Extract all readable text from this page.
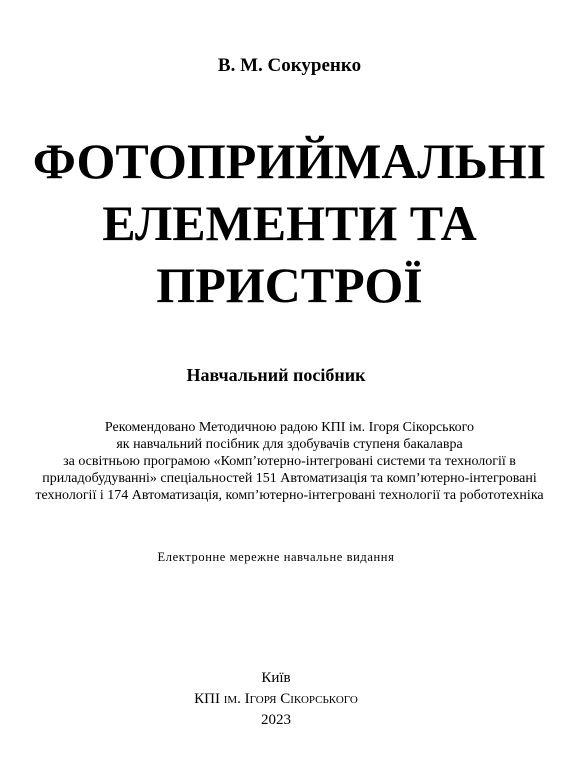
В. М. Сокуренко
ФОТОПРИЙМАЛЬНІ
ЕЛЕМЕНТИ ТА
ПРИСТРОЇ
Навчальний посібник
Рекомендовано Методичною радою КПІ ім. Ігоря Сікорського
як навчальний посібник для здобувачів ступеня бакалавра
за освітньою програмою «Комп’ютерно-інтегровані системи та технології в
приладобудуванні» спеціальностей 151 Автоматизація та комп’ютерно-інтегровані
технології і 174 Автоматизація, комп’ютерно-інтегровані технології та робототехніка
Електронне мережне навчальне видання
Київ
КПІ ім. Ігоря Сікорського
2023
